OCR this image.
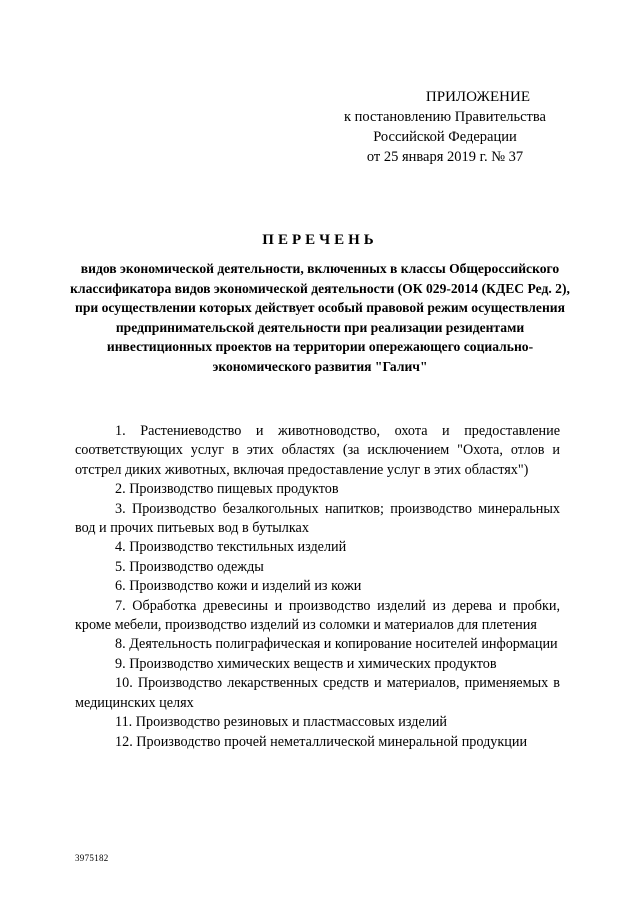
ПРИЛОЖЕНИЕ
к постановлению Правительства
Российской Федерации
от 25 января 2019 г. № 37
ПЕРЕЧЕНЬ
видов экономической деятельности, включенных в классы Общероссийского классификатора видов экономической деятельности (ОК 029-2014 (КДЕС Ред. 2), при осуществлении которых действует особый правовой режим осуществления предпринимательской деятельности при реализации резидентами инвестиционных проектов на территории опережающего социально-экономического развития "Галич"

1. Растениеводство и животноводство, охота и предоставление соответствующих услуг в этих областях (за исключением "Охота, отлов и отстрел диких животных, включая предоставление услуг в этих областях")

2. Производство пищевых продуктов

3. Производство безалкогольных напитков; производство минеральных вод и прочих питьевых вод в бутылках

4. Производство текстильных изделий

5. Производство одежды

6. Производство кожи и изделий из кожи

7. Обработка древесины и производство изделий из дерева и пробки, кроме мебели, производство изделий из соломки и материалов для плетения

8. Деятельность полиграфическая и копирование носителей информации

9. Производство химических веществ и химических продуктов

10. Производство лекарственных средств и материалов, применяемых в медицинских целях

11. Производство резиновых и пластмассовых изделий

12. Производство прочей неметаллической минеральной продукции

3975182
